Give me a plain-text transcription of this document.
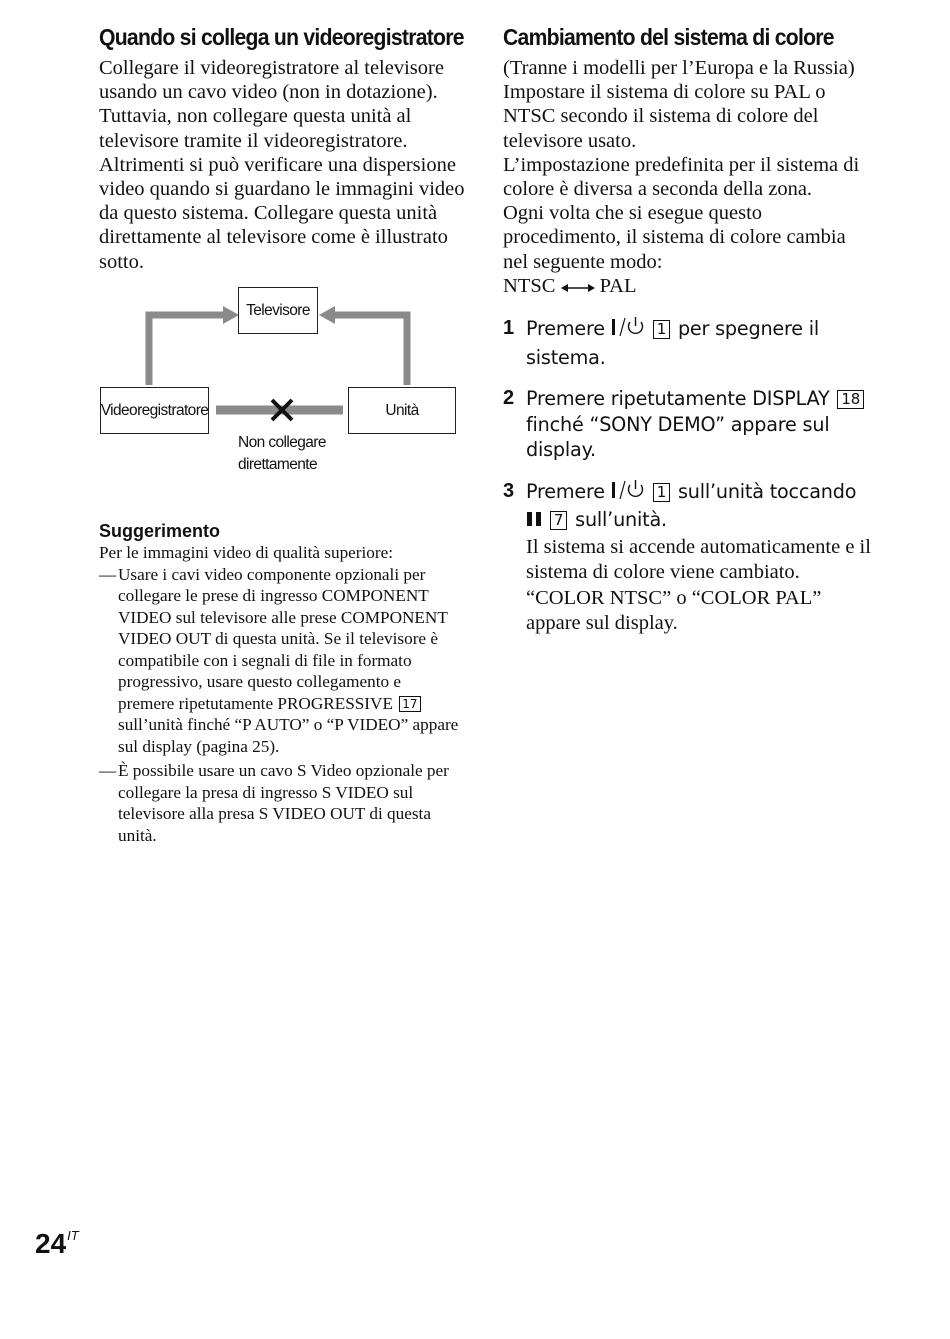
Quando si collega un videoregistratore

Collegare il videoregistratore al televisore usando un cavo video (non in dotazione). Tuttavia, non collegare questa unità al televisore tramite il videoregistratore. Altrimenti si può verificare una dispersione video quando si guardano le immagini video da questo sistema. Collegare questa unità direttamente al televisore come è illustrato sotto.

Televisore
Videoregistratore	Unità
Non collegare
direttamente

Suggerimento

Per le immagini video di qualità superiore:

— Usare i cavi video componente opzionali per collegare le prese di ingresso COMPONENT VIDEO sul televisore alle prese COMPONENT VIDEO OUT di questa unità. Se il televisore è compatibile con i segnali di file in formato progressivo, usare questo collegamento e premere ripetutamente PROGRESSIVE 17 sull’unità finché “P AUTO” o “P VIDEO” appare sul display (pagina 25).
— È possibile usare un cavo S Video opzionale per collegare la presa di ingresso S VIDEO sul televisore alla presa S VIDEO OUT di questa unità.
Cambiamento del sistema di colore

(Tranne i modelli per l’Europa e la Russia)

Impostare il sistema di colore su PAL o NTSC secondo il sistema di colore del televisore usato.

L’impostazione predefinita per il sistema di colore è diversa a seconda della zona.

Ogni volta che si esegue questo procedimento, il sistema di colore cambia nel seguente modo:

NTSC PAL

1 Premere	1 per spegnere il sistema.
2 Premere ripetutamente DISPLAY 18 finché “SONY DEMO” appare sul display.
3 Premere	1 sull’unità toccando  7 sull’unità.
Il sistema si accende automaticamente e il sistema di colore viene cambiato. “COLOR NTSC” o “COLOR PAL” appare sul display.
$24^{IT}$
